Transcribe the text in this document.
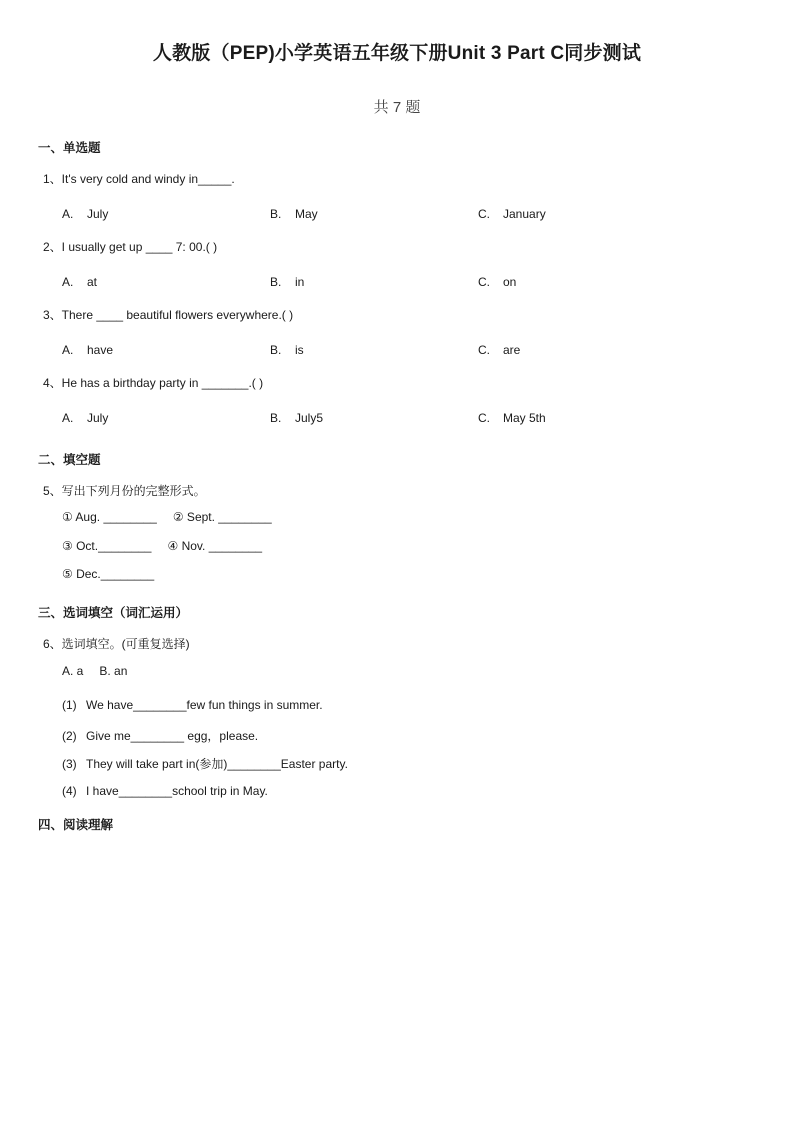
人教版（PEP)小学英语五年级下册Unit 3 Part C同步测试
共 7 题
一、单选题
1、It's very cold and windy in_____.
A. July	B. May	C. January
2、I usually get up ____ 7: 00.( )
A. at	B. in	C. on
3、There ____ beautiful flowers everywhere.( )
A. have	B. is	C. are
4、He has a birthday party in _______.( )
A. July	B. July5	C. May 5th
二、填空题
5、写出下列月份的完整形式。
① Aug. ________ ② Sept. ________
③ Oct.________ ④ Nov. ________
⑤ Dec.________
三、选词填空（词汇运用）
6、选词填空。(可重复选择)
A. a B. an
(1) We have________few fun things in summer.
(2) Give me________ egg，please.
(3) They will take part in(参加)________Easter party.
(4) I have________school trip in May.
四、阅读理解
